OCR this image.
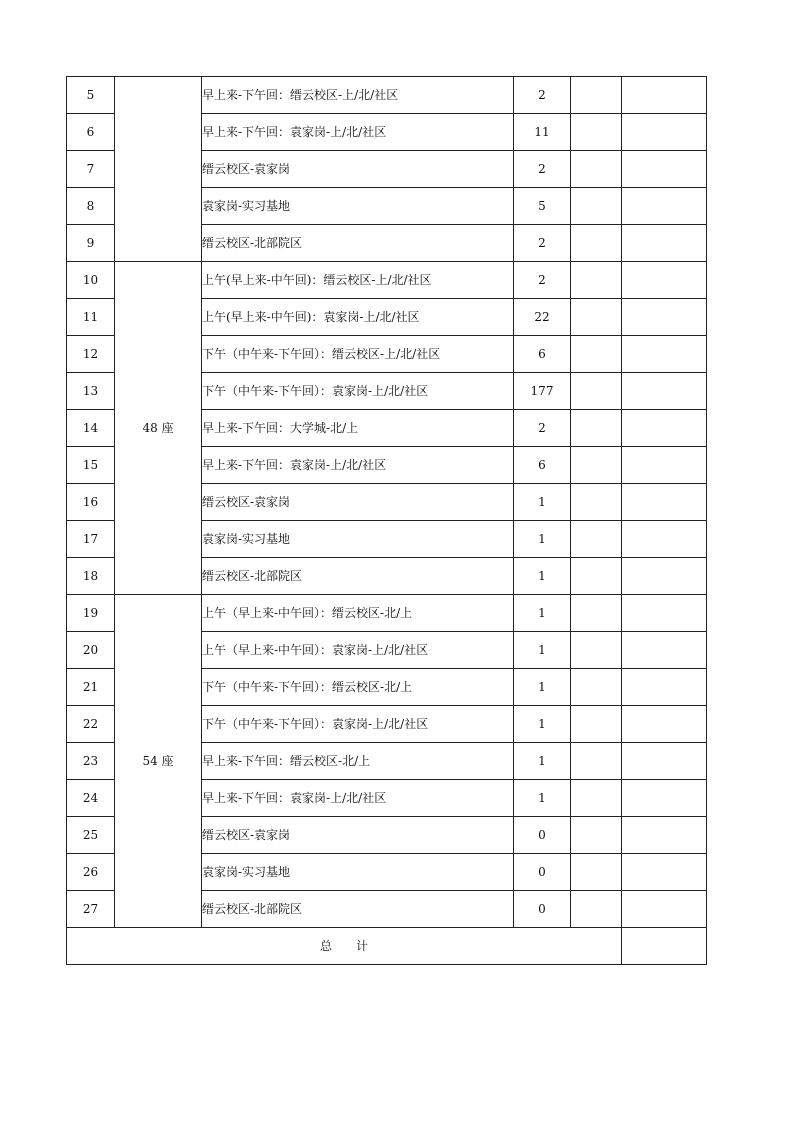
5		早上来-下午回：缙云校区-上/北/社区	2		
6		早上来-下午回：袁家岗-上/北/社区	11		
7		缙云校区-袁家岗	2		
8		袁家岗-实习基地	5		
9		缙云校区-北部院区	2		
10	48 座	上午(早上来-中午回)：缙云校区-上/北/社区	2		
11		上午(早上来-中午回)：袁家岗-上/北/社区	22		
12		下午（中午来-下午回）：缙云校区-上/北/社区	6		
13		下午（中午来-下午回）：袁家岗-上/北/社区	177		
14		早上来-下午回：大学城-北/上	2		
15		早上来-下午回：袁家岗-上/北/社区	6		
16		缙云校区-袁家岗	1		
17		袁家岗-实习基地	1		
18		缙云校区-北部院区	1		
19	54 座	上午（早上来-中午回）：缙云校区-北/上	1		
20		上午（早上来-中午回）：袁家岗-上/北/社区	1		
21		下午（中午来-下午回）：缙云校区-北/上	1		
22		下午（中午来-下午回）：袁家岗-上/北/社区	1		
23		早上来-下午回：缙云校区-北/上	1		
24		早上来-下午回：袁家岗-上/北/社区	1		
25		缙云校区-袁家岗	0		
26		袁家岗-实习基地	0		
27		缙云校区-北部院区	0		
总　　计					
